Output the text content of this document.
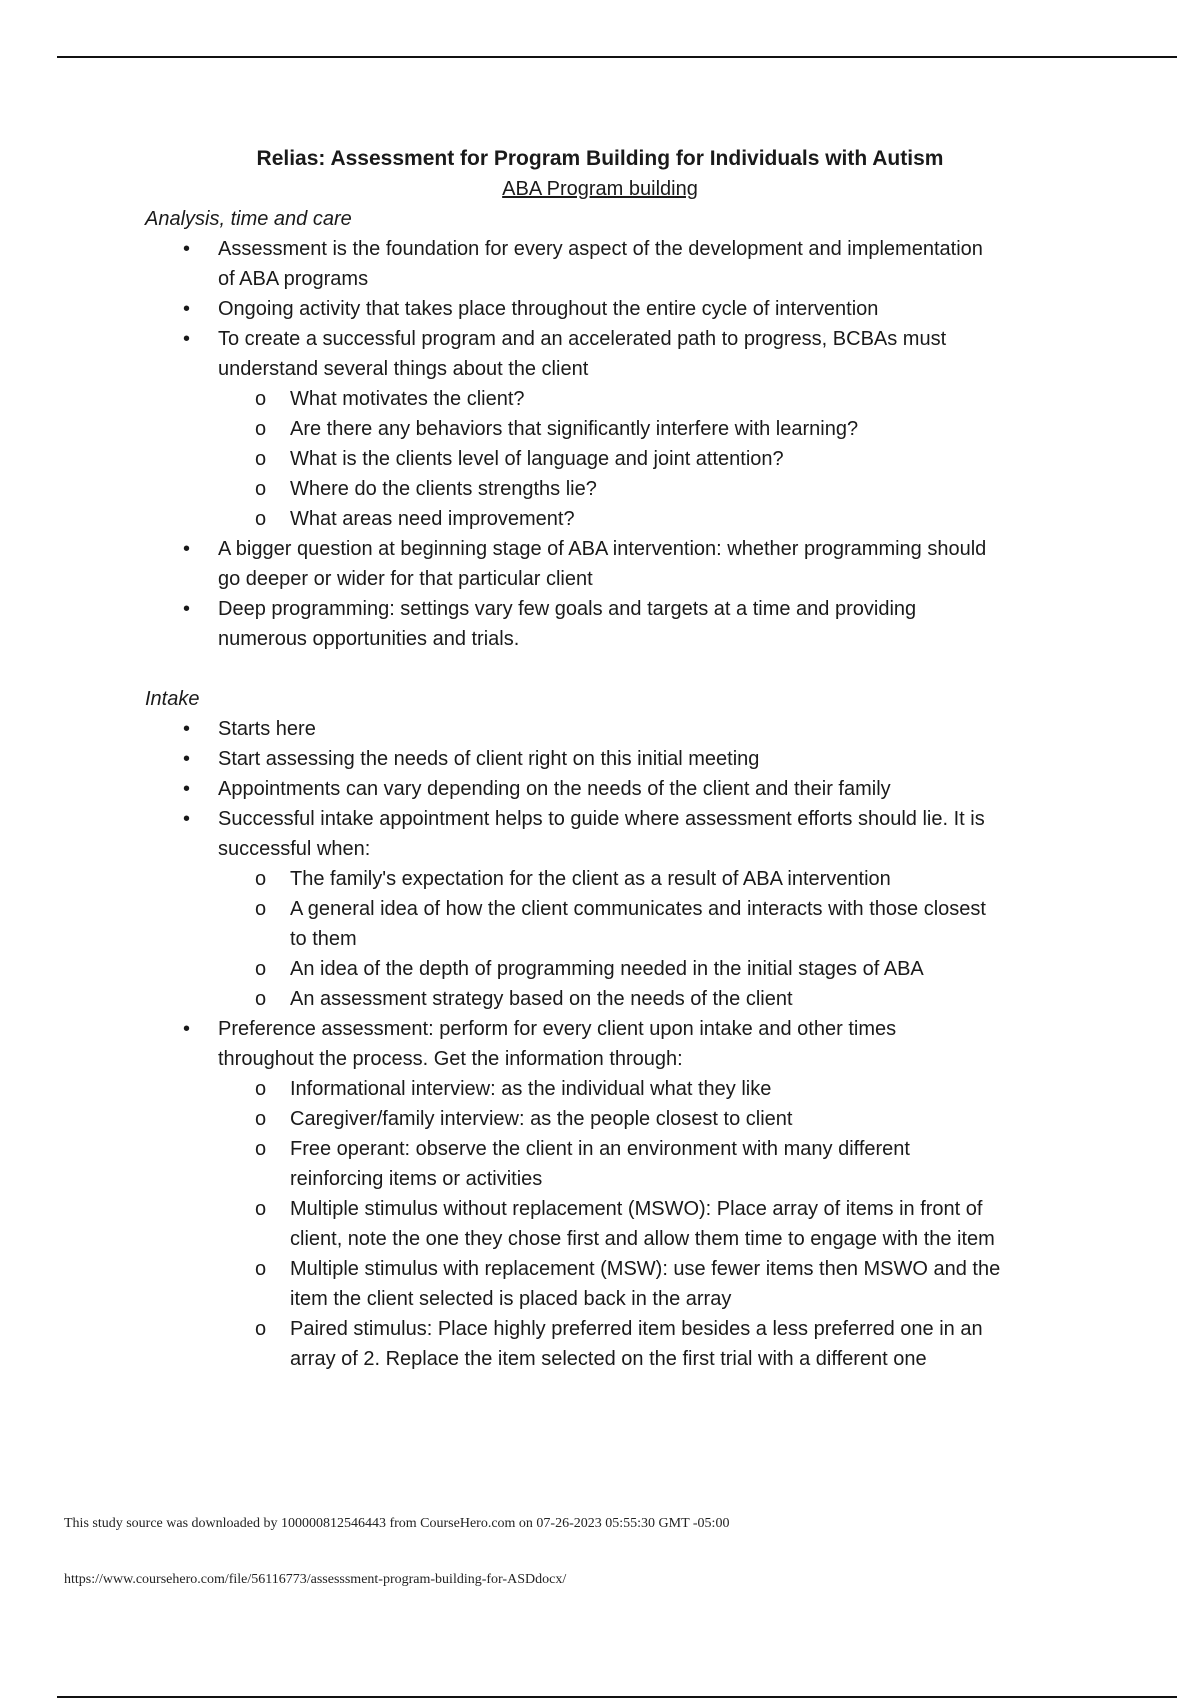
Relias: Assessment for Program Building for Individuals with Autism
ABA Program building
Analysis, time and care
• Assessment is the foundation for every aspect of the development and implementation
of ABA programs
• Ongoing activity that takes place throughout the entire cycle of intervention
• To create a successful program and an accelerated path to progress, BCBAs must
understand several things about the client
o What motivates the client?
o Are there any behaviors that significantly interfere with learning?
o What is the clients level of language and joint attention?
o Where do the clients strengths lie?
o What areas need improvement?
• A bigger question at beginning stage of ABA intervention: whether programming should
go deeper or wider for that particular client
• Deep programming: settings vary few goals and targets at a time and providing
numerous opportunities and trials.
Intake
• Starts here
• Start assessing the needs of client right on this initial meeting
• Appointments can vary depending on the needs of the client and their family
• Successful intake appointment helps to guide where assessment efforts should lie. It is
successful when:
o The family's expectation for the client as a result of ABA intervention
o A general idea of how the client communicates and interacts with those closest
to them
o An idea of the depth of programming needed in the initial stages of ABA
o An assessment strategy based on the needs of the client
• Preference assessment: perform for every client upon intake and other times
throughout the process. Get the information through:
o Informational interview: as the individual what they like
o Caregiver/family interview: as the people closest to client
o Free operant: observe the client in an environment with many different
reinforcing items or activities
o Multiple stimulus without replacement (MSWO): Place array of items in front of
client, note the one they chose first and allow them time to engage with the item
o Multiple stimulus with replacement (MSW): use fewer items then MSWO and the
item the client selected is placed back in the array
o Paired stimulus: Place highly preferred item besides a less preferred one in an
array of 2. Replace the item selected on the first trial with a different one
This study source was downloaded by 100000812546443 from CourseHero.com on 07-26-2023 05:55:30 GMT -05:00
https://www.coursehero.com/file/56116773/assesssment-program-building-for-ASDdocx/
